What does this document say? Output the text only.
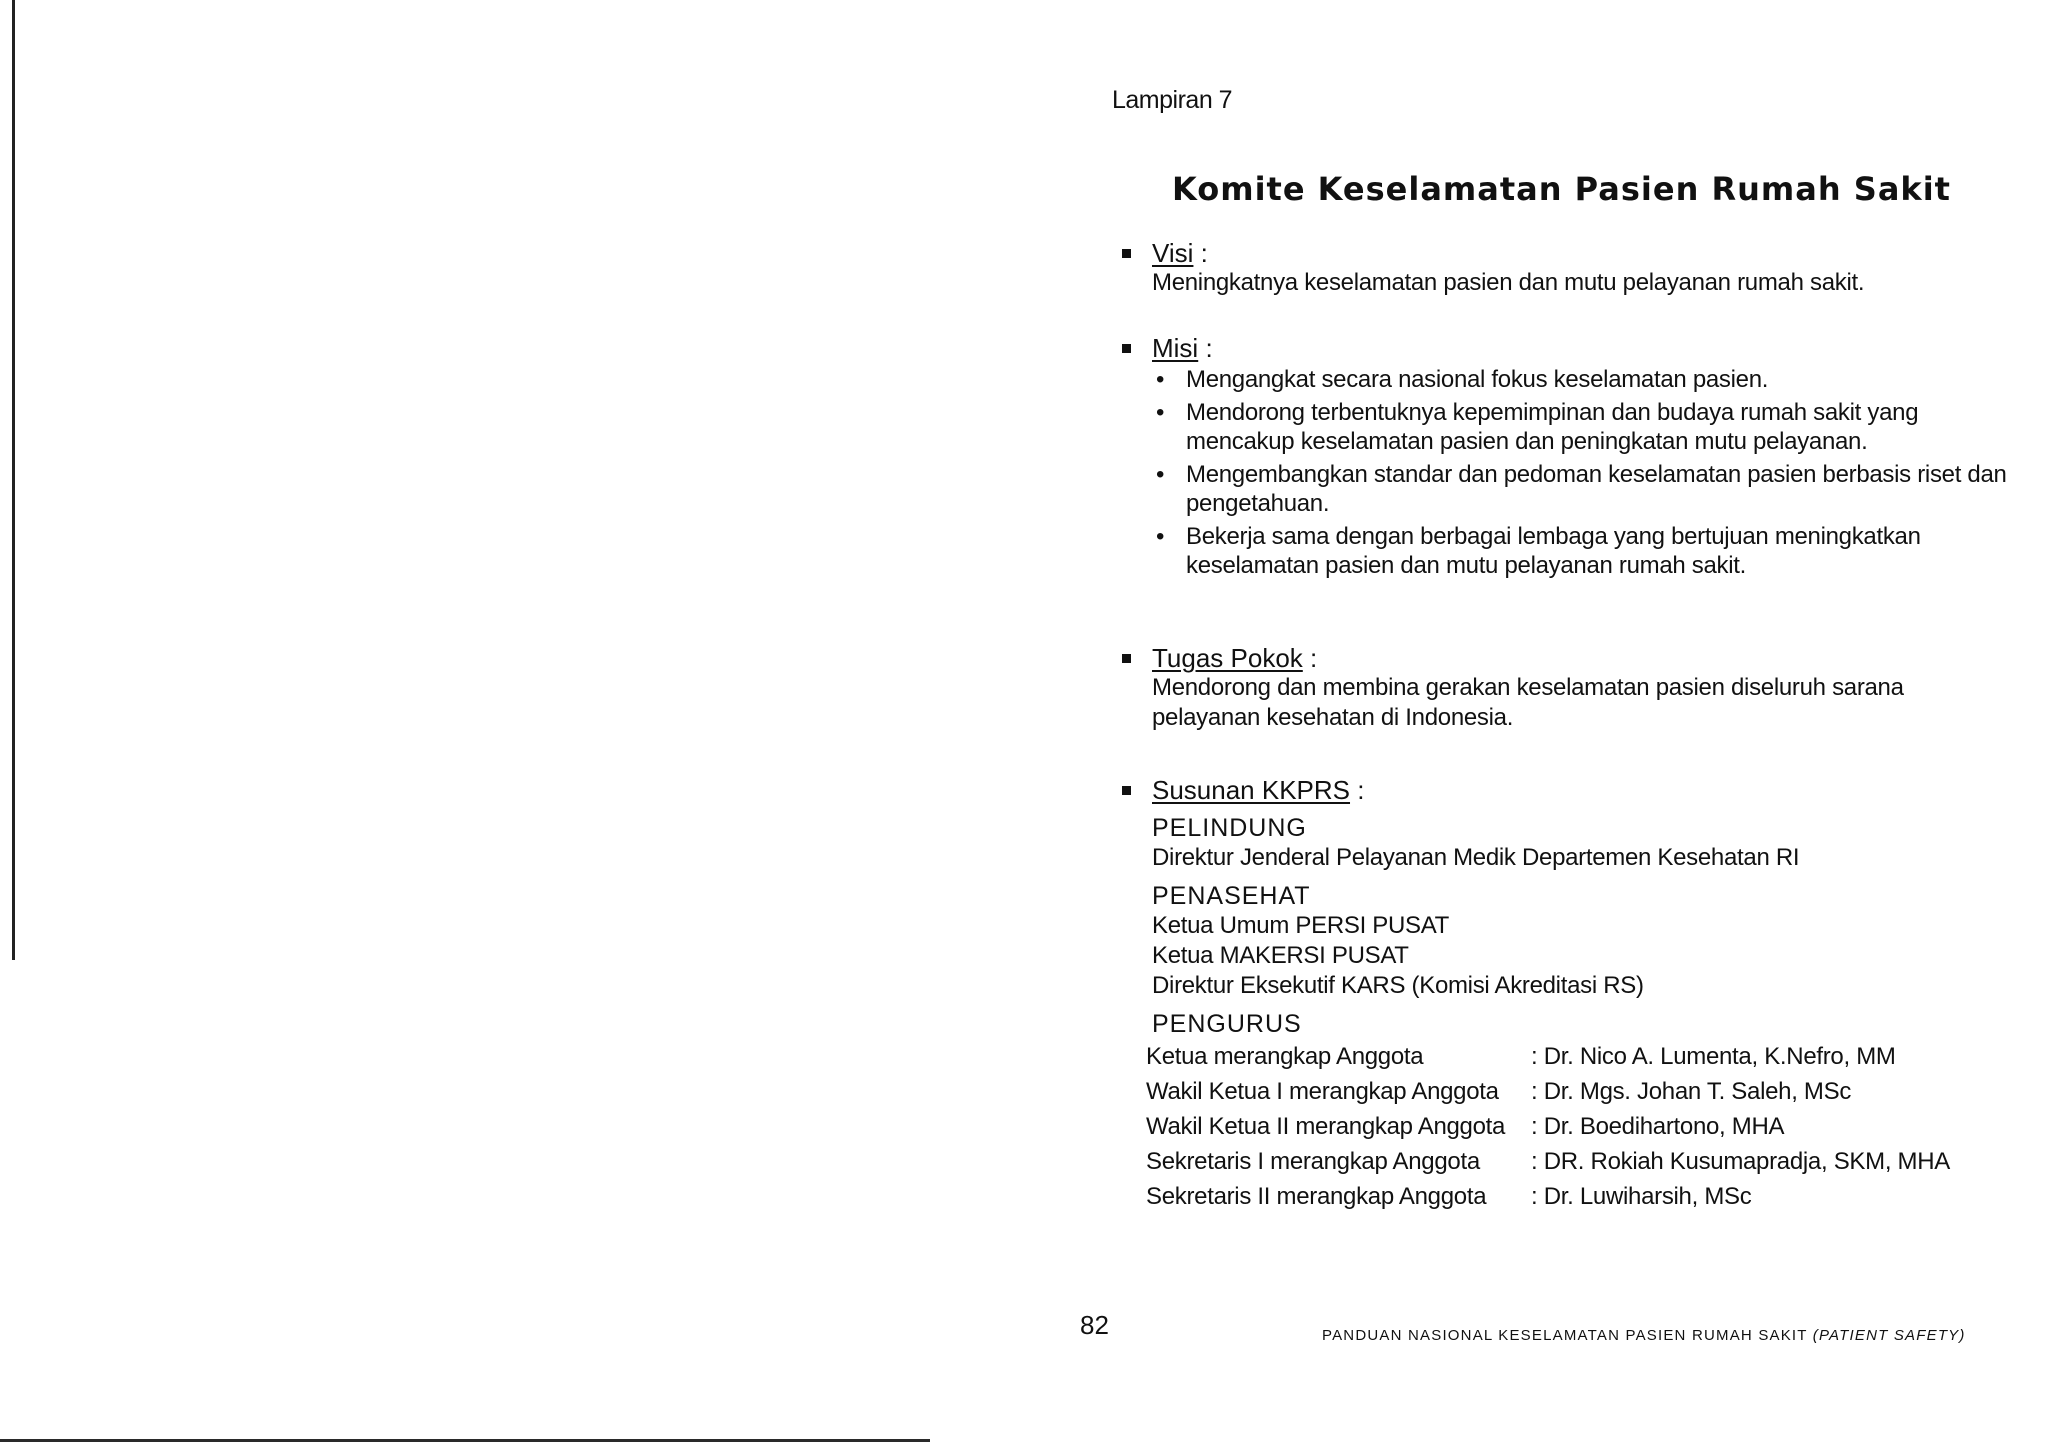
Lampiran 7
Komite Keselamatan Pasien Rumah Sakit
Visi :
Meningkatnya keselamatan pasien dan mutu pelayanan rumah sakit.
Misi :
• Mengangkat secara nasional fokus keselamatan pasien.
• Mendorong terbentuknya kepemimpinan dan budaya rumah sakit yang mencakup keselamatan pasien dan peningkatan mutu pelayanan.
• Mengembangkan standar dan pedoman keselamatan pasien berbasis riset dan pengetahuan.
• Bekerja sama dengan berbagai lembaga yang bertujuan meningkatkan keselamatan pasien dan mutu pelayanan rumah sakit.
Tugas Pokok :
Mendorong dan membina gerakan keselamatan pasien diseluruh sarana pelayanan kesehatan di Indonesia.
Susunan KKPRS :
PELINDUNG
Direktur Jenderal Pelayanan Medik Departemen Kesehatan RI
PENASEHAT
Ketua Umum PERSI PUSAT
Ketua MAKERSI PUSAT
Direktur Eksekutif KARS (Komisi Akreditasi RS)
PENGURUS
Ketua merangkap Anggota	: Dr. Nico A. Lumenta, K.Nefro, MM
Wakil Ketua I merangkap Anggota	: Dr. Mgs. Johan T. Saleh, MSc
Wakil Ketua II merangkap Anggota	: Dr. Boedihartono, MHA
Sekretaris I merangkap Anggota	: DR. Rokiah Kusumapradja, SKM, MHA
Sekretaris II merangkap Anggota	: Dr. Luwiharsih, MSc
82	PANDUAN NASIONAL KESELAMATAN PASIEN RUMAH SAKIT (PATIENT SAFETY)
